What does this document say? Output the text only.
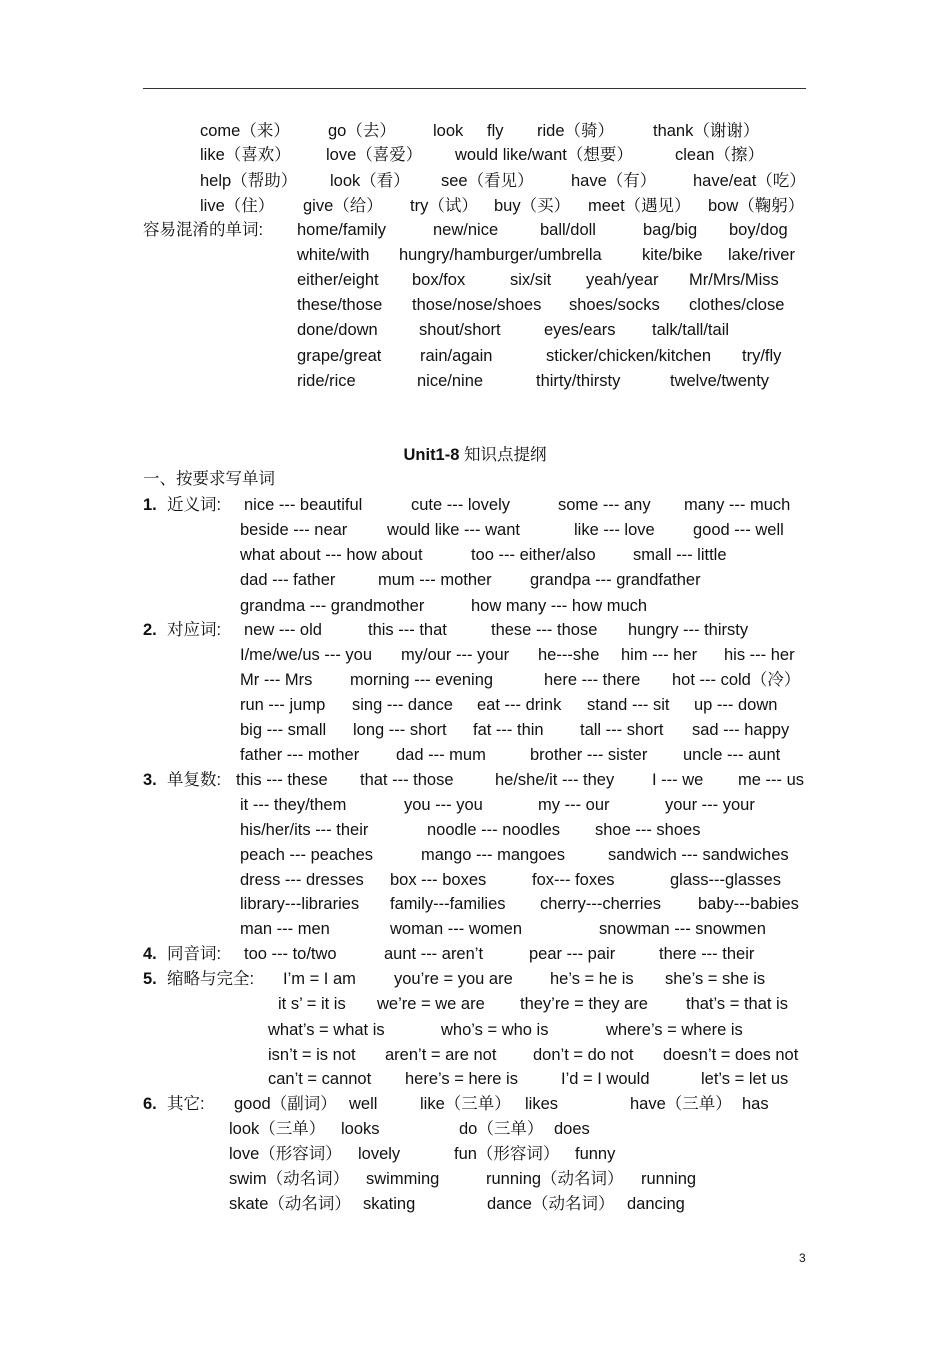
come（来） go（去） look fly ride（骑） thank（谢谢）
like（喜欢） love（喜爱） would like/want（想要）	clean（擦）
help（帮助） look（看） see（看见） have（有） have/eat（吃）
live（住） give（给） try（试） buy（买） meet（遇见） bow（鞠躬）
容易混淆的单词: home/family	new/nice	ball/doll	bag/big boy/dog
white/with hungry/hamburger/umbrella kite/bike lake/river
either/eight box/fox	six/sit yeah/year Mr/Mrs/Miss
these/those those/nose/shoes shoes/socks clothes/close
done/down	shout/short	eyes/ears talk/tall/tail
grape/great rain/again	sticker/chicken/kitchen try/fly
ride/rice	nice/nine	thirty/thirsty	twelve/twenty
Unit1-8 知识点提纲
一、按要求写单词
1. 近义词: nice --- beautiful	cute --- lovely	some --- any many --- much
beside --- near would like --- want	like --- love good --- well
what about --- how about	too --- either/also small --- little
dad --- father	mum --- mother grandpa --- grandfather
grandma --- grandmother	how many --- how much
2. 对应词: new --- old	this --- that	these --- those hungry --- thirsty
I/me/we/us --- you my/our --- your he---she him --- her his --- her
Mr --- Mrs morning --- evening	here --- there hot --- cold（冷）
run --- jump sing --- dance eat --- drink stand --- sit up --- down
big --- small long --- short fat --- thin tall --- short sad --- happy
father --- mother dad --- mum	brother --- sister uncle --- aunt
3. 单复数: this --- these that --- those	he/she/it --- they I --- we me --- us
it --- they/them	you --- you	my --- our	your --- your
his/her/its --- their	noodle --- noodles shoe --- shoes
peach --- peaches	mango --- mangoes	sandwich --- sandwiches
dress --- dresses box --- boxes	fox--- foxes	glass---glasses
library---libraries family---families cherry---cherries baby---babies
man --- men	woman --- women	snowman --- snowmen
4. 同音词: too --- to/two	aunt --- aren’t	pear --- pair	there --- their
5. 缩略与完全: I’m = I am you’re = you are he’s = he is she’s = she is
it s’ = it is we’re = we are they’re = they are that’s = that is
what’s = what is	who’s = who is	where’s = where is
isn’t = is not aren’t = are not don’t = do not doesn’t = does not
can’t = cannot here’s = here is	I’d = I would	let’s = let us
6. 其它: good（副词） well	like（三单） likes	have（三单） has
look（三单） looks	do（三单） does
love（形容词） lovely	fun（形容词） funny
swim（动名词） swimming	running（动名词） running
skate（动名词） skating	dance（动名词） dancing
3
